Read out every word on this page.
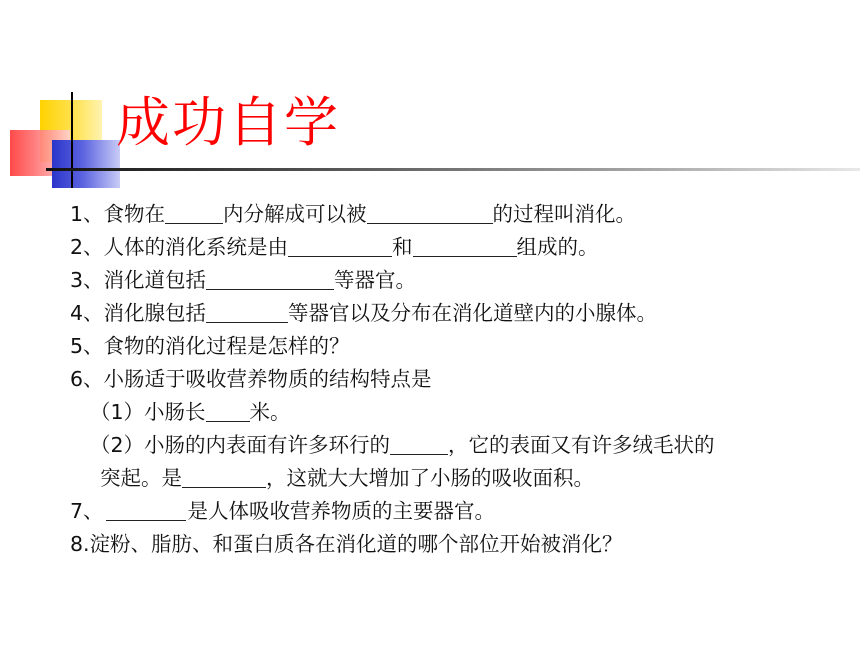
成功自学
1、食物在	内分解成可以被	的过程叫消化。
2、人体的消化系统是由	和	组成的。
3、消化道包括	等器官。
4、消化腺包括	等器官以及分布在消化道壁内的小腺体。
5、食物的消化过程是怎样的？
6、小肠适于吸收营养物质的结构特点是
（1）小肠长 米。
（2）小肠的内表面有许多环行的	，它的表面又有许多绒毛状的
突起。是	，这就大大增加了小肠的吸收面积。
7、	是人体吸收营养物质的主要器官。
8.淀粉、脂肪、和蛋白质各在消化道的哪个部位开始被消化？
